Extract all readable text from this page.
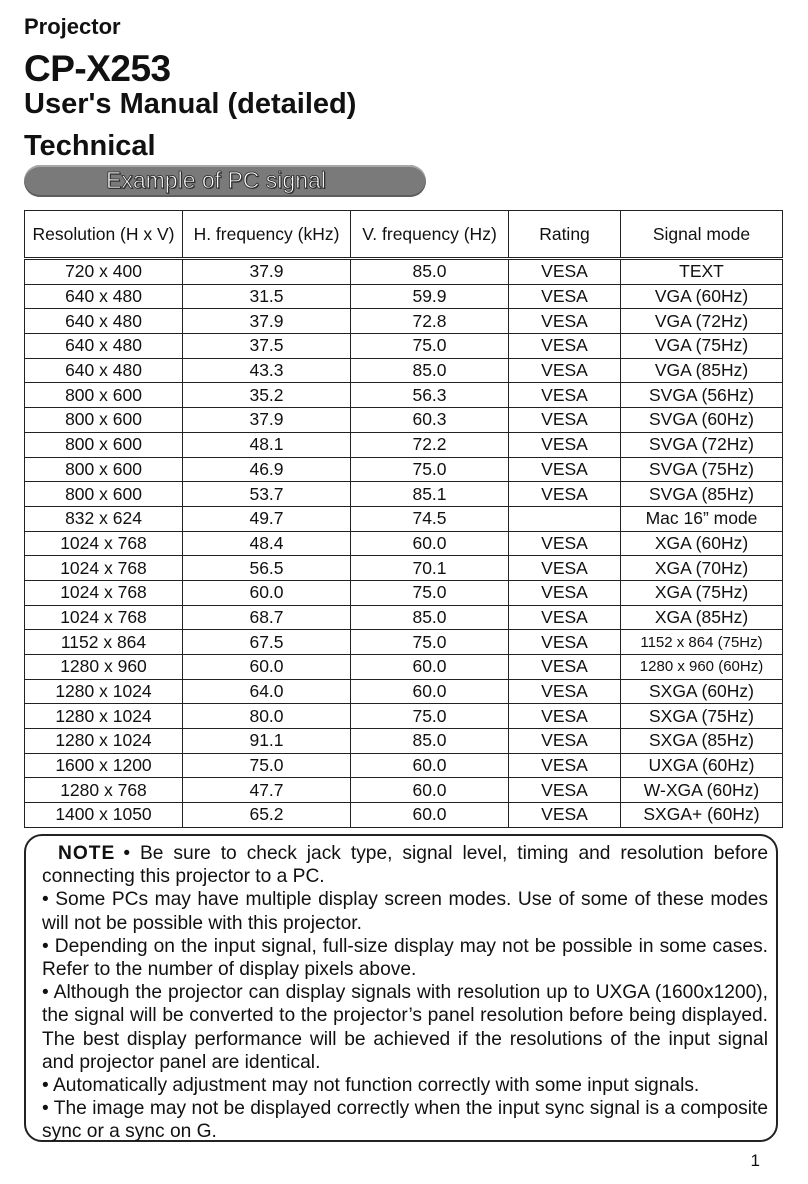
Projector
CP-X253
User's Manual (detailed)
Technical
Example of PC signal
Resolution (H x V)	H. frequency (kHz)	V. frequency (Hz)	Rating	Signal mode
720 x 400	37.9	85.0	VESA	TEXT
640 x 480	31.5	59.9	VESA	VGA (60Hz)
640 x 480	37.9	72.8	VESA	VGA (72Hz)
640 x 480	37.5	75.0	VESA	VGA (75Hz)
640 x 480	43.3	85.0	VESA	VGA (85Hz)
800 x 600	35.2	56.3	VESA	SVGA (56Hz)
800 x 600	37.9	60.3	VESA	SVGA (60Hz)
800 x 600	48.1	72.2	VESA	SVGA (72Hz)
800 x 600	46.9	75.0	VESA	SVGA (75Hz)
800 x 600	53.7	85.1	VESA	SVGA (85Hz)
832 x 624	49.7	74.5		Mac 16” mode
1024 x 768	48.4	60.0	VESA	XGA (60Hz)
1024 x 768	56.5	70.1	VESA	XGA (70Hz)
1024 x 768	60.0	75.0	VESA	XGA (75Hz)
1024 x 768	68.7	85.0	VESA	XGA (85Hz)
1152 x 864	67.5	75.0	VESA	1152 x 864 (75Hz)
1280 x 960	60.0	60.0	VESA	1280 x 960 (60Hz)
1280 x 1024	64.0	60.0	VESA	SXGA (60Hz)
1280 x 1024	80.0	75.0	VESA	SXGA (75Hz)
1280 x 1024	91.1	85.0	VESA	SXGA (85Hz)
1600 x 1200	75.0	60.0	VESA	UXGA (60Hz)
1280 x 768	47.7	60.0	VESA	W-XGA (60Hz)
1400 x 1050	65.2	60.0	VESA	SXGA+ (60Hz)

NOTE • Be sure to check jack type, signal level, timing and resolution before connecting this projector to a PC.

• Some PCs may have multiple display screen modes. Use of some of these modes will not be possible with this projector.

• Depending on the input signal, full-size display may not be possible in some cases. Refer to the number of display pixels above.

• Although the projector can display signals with resolution up to UXGA (1600x1200), the signal will be converted to the projector’s panel resolution before being displayed. The best display performance will be achieved if the resolutions of the input signal and projector panel are identical.

• Automatically adjustment may not function correctly with some input signals.

• The image may not be displayed correctly when the input sync signal is a composite sync or a sync on G.

1
